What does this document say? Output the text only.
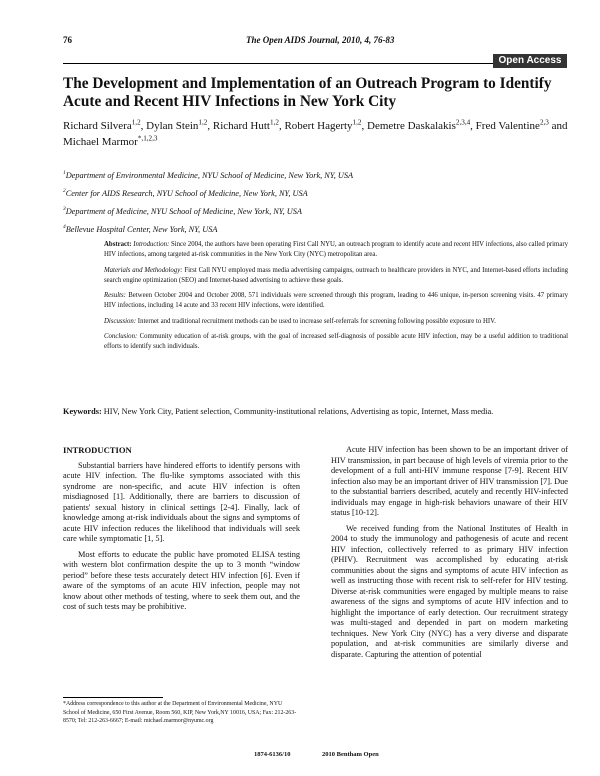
76	The Open AIDS Journal, 2010, 4, 76-83
Open Access
The Development and Implementation of an Outreach Program to Identify Acute and Recent HIV Infections in New York City
Richard Silvera$^{1,2}$, Dylan Stein$^{1,2}$, Richard Hutt$^{1,2}$, Robert Hagerty$^{1,2}$, Demetre Daskalakis$^{2,3,4}$, Fred Valentine$^{2,3}$ and Michael Marmor$^{*,1,2,3}$
$^1$Department of Environmental Medicine, NYU School of Medicine, New York, NY, USA
$^2$Center for AIDS Research, NYU School of Medicine, New York, NY, USA
$^3$Department of Medicine, NYU School of Medicine, New York, NY, USA
$^4$Bellevue Hospital Center, New York, NY, USA

Abstract: Introduction: Since 2004, the authors have been operating First Call NYU, an outreach program to identify acute and recent HIV infections, also called primary HIV infections, among targeted at-risk communities in the New York City (NYC) metropolitan area.

Materials and Methodology: First Call NYU employed mass media advertising campaigns, outreach to healthcare providers in NYC, and Internet-based efforts including search engine optimization (SEO) and Internet-based advertising to achieve these goals.

Results: Between October 2004 and October 2008, 571 individuals were screened through this program, leading to 446 unique, in-person screening visits. 47 primary HIV infections, including 14 acute and 33 recent HIV infections, were identified.

Discussion: Internet and traditional recruitment methods can be used to increase self-referrals for screening following possible exposure to HIV.

Conclusion: Community education of at-risk groups, with the goal of increased self-diagnosis of possible acute HIV infection, may be a useful addition to traditional efforts to identify such individuals.

Keywords: HIV, New York City, Patient selection, Community-institutional relations, Advertising as topic, Internet, Mass media.

INTRODUCTION

Substantial barriers have hindered efforts to identify persons with acute HIV infection. The flu-like symptoms associated with this syndrome are non-specific, and acute HIV infection is often misdiagnosed [1]. Additionally, there are barriers to discussion of patients' sexual history in clinical settings [2-4]. Finally, lack of knowledge among at-risk individuals about the signs and symptoms of acute HIV infection reduces the likelihood that individuals will seek care while symptomatic [1, 5].

Most efforts to educate the public have promoted ELISA testing with western blot confirmation despite the up to 3 month “window period” before these tests accurately detect HIV infection [6]. Even if aware of the symptoms of an acute HIV infection, people may not know about other methods of testing, where to seek them out, and the cost of such tests may be prohibitive.

Acute HIV infection has been shown to be an important driver of HIV transmission, in part because of high levels of viremia prior to the development of a full anti-HIV immune response [7-9]. Recent HIV infection also may be an important driver of HIV transmission [7]. Due to the substantial barriers described, acutely and recently HIV-infected individuals may engage in high-risk behaviors unaware of their HIV status [10-12].

We received funding from the National Institutes of Health in 2004 to study the immunology and pathogenesis of acute and recent HIV infection, collectively referred to as primary HIV infection (PHIV). Recruitment was accomplished by educating at-risk communities about the signs and symptoms of acute HIV infection as well as instructing those with recent risk to self-refer for HIV testing. Diverse at-risk communities were engaged by multiple means to raise awareness of the signs and symptoms of acute HIV infection and to highlight the importance of early detection. Our recruitment strategy was multi-staged and depended in part on modern marketing techniques. New York City (NYC) has a very diverse and disparate population, and at-risk communities are similarly diverse and disparate. Capturing the attention of potential

*Address correspondence to this author at the Department of Environmental Medicine, NYU School of Medicine, 650 First Avenue, Room 560, KIP, New York,NY 10016, USA; Fax: 212-263-8570; Tel: 212-263-6667; E-mail: michael.marmor@nyumc.org
1874-6136/10	2010 Bentham Open
